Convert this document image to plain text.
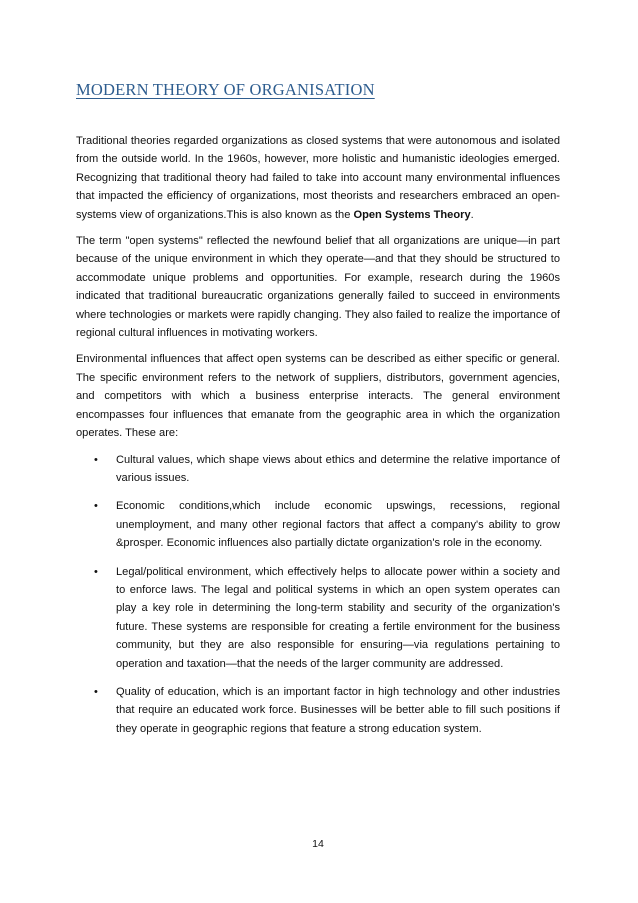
MODERN THEORY OF ORGANISATION

Traditional theories regarded organizations as closed systems that were autonomous and isolated from the outside world. In the 1960s, however, more holistic and humanistic ideologies emerged. Recognizing that traditional theory had failed to take into account many environmental influences that impacted the efficiency of organizations, most theorists and researchers embraced an open-systems view of organizations.This is also known as the Open Systems Theory.

The term "open systems" reflected the newfound belief that all organizations are unique—in part because of the unique environment in which they operate—and that they should be structured to accommodate unique problems and opportunities. For example, research during the 1960s indicated that traditional bureaucratic organizations generally failed to succeed in environments where technologies or markets were rapidly changing. They also failed to realize the importance of regional cultural influences in motivating workers.

Environmental influences that affect open systems can be described as either specific or general. The specific environment refers to the network of suppliers, distributors, government agencies, and competitors with which a business enterprise interacts. The general environment encompasses four influences that emanate from the geographic area in which the organization operates. These are:

• Cultural values, which shape views about ethics and determine the relative importance of various issues.
• Economic conditions,which include economic upswings, recessions, regional unemployment, and many other regional factors that affect a company's ability to grow &prosper. Economic influences also partially dictate organization's role in the economy.
• Legal/political environment, which effectively helps to allocate power within a society and to enforce laws. The legal and political systems in which an open system operates can play a key role in determining the long-term stability and security of the organization's future. These systems are responsible for creating a fertile environment for the business community, but they are also responsible for ensuring—via regulations pertaining to operation and taxation—that the needs of the larger community are addressed.
• Quality of education, which is an important factor in high technology and other industries that require an educated work force. Businesses will be better able to fill such positions if they operate in geographic regions that feature a strong education system.
14
